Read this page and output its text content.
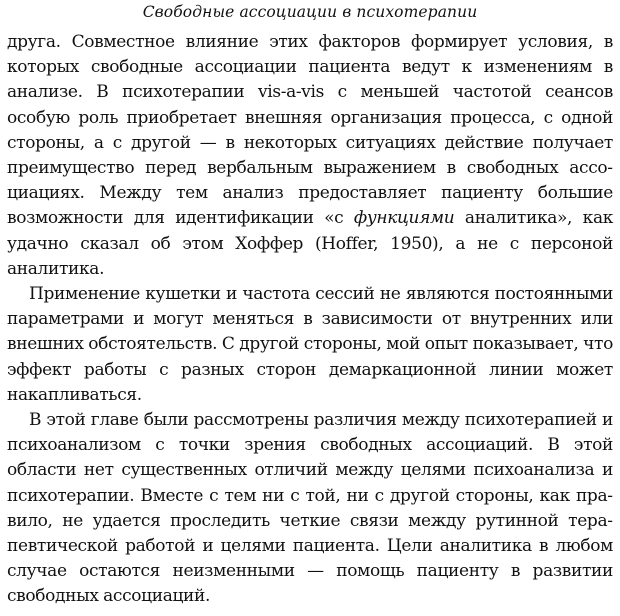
Свободные ассоциации в психотерапии

друга. Совместное влияние этих факторов формирует условия, в которых свободные ассоциации пациента ведут к изменениям в анализе. В психотерапии vis-a-vis с меньшей частотой сеансов особую роль приобретает внешняя организация процесса, с одной стороны, а с другой — в некоторых ситуациях действие получает преимущество перед вербальным выражением в свободных ассоциациях. Между тем анализ предоставляет пациенту большие возможности для идентификации «с функциями аналитика», как удачно сказал об этом Хоффер (Hoffer, 1950), а не с персоной аналитика.

Применение кушетки и частота сессий не являются постоянными параметрами и могут меняться в зависимости от внутренних или внешних обстоятельств. С другой стороны, мой опыт показывает, что эффект работы с разных сторон демаркационной линии может накапливаться.

В этой главе были рассмотрены различия между психотерапией и психоанализом с точки зрения свободных ассоциаций. В этой области нет существенных отличий между целями психоанализа и психотерапии. Вместе с тем ни с той, ни с другой стороны, как правило, не удается проследить четкие связи между рутинной терапевтической работой и целями пациента. Цели аналитика в любом случае остаются неизменными — помощь пациенту в развитии свободных ассоциаций.
